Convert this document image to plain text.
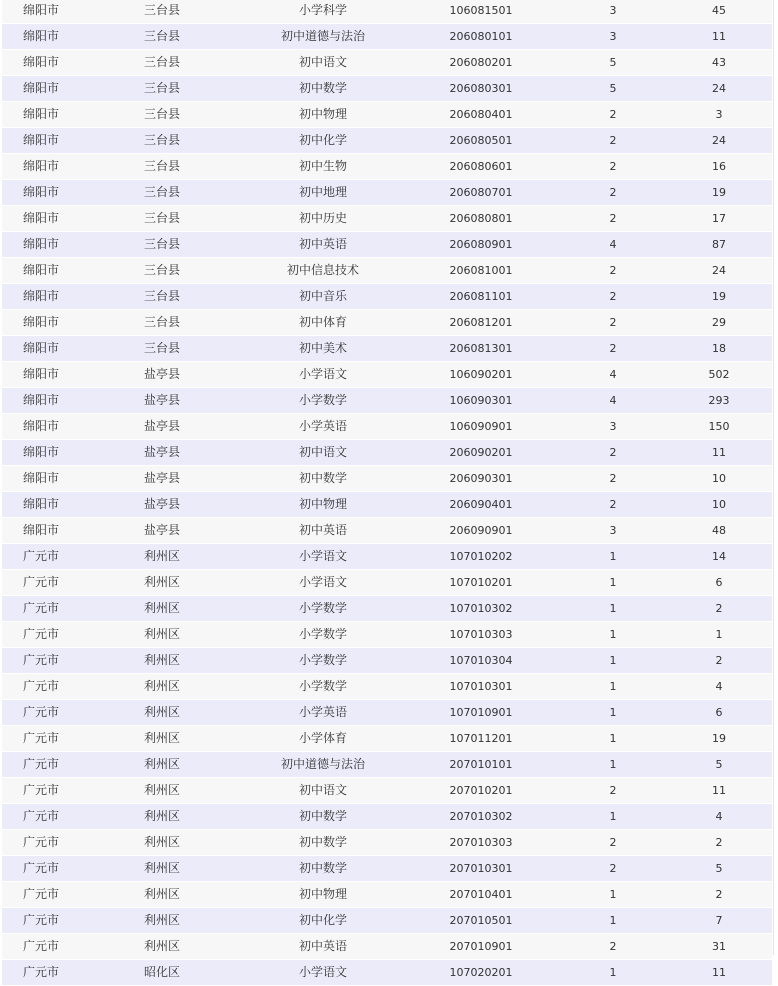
绵阳市	三台县	小学科学	106081501	3	45
绵阳市	三台县	初中道德与法治	206080101	3	11
绵阳市	三台县	初中语文	206080201	5	43
绵阳市	三台县	初中数学	206080301	5	24
绵阳市	三台县	初中物理	206080401	2	3
绵阳市	三台县	初中化学	206080501	2	24
绵阳市	三台县	初中生物	206080601	2	16
绵阳市	三台县	初中地理	206080701	2	19
绵阳市	三台县	初中历史	206080801	2	17
绵阳市	三台县	初中英语	206080901	4	87
绵阳市	三台县	初中信息技术	206081001	2	24
绵阳市	三台县	初中音乐	206081101	2	19
绵阳市	三台县	初中体育	206081201	2	29
绵阳市	三台县	初中美术	206081301	2	18
绵阳市	盐亭县	小学语文	106090201	4	502
绵阳市	盐亭县	小学数学	106090301	4	293
绵阳市	盐亭县	小学英语	106090901	3	150
绵阳市	盐亭县	初中语文	206090201	2	11
绵阳市	盐亭县	初中数学	206090301	2	10
绵阳市	盐亭县	初中物理	206090401	2	10
绵阳市	盐亭县	初中英语	206090901	3	48
广元市	利州区	小学语文	107010202	1	14
广元市	利州区	小学语文	107010201	1	6
广元市	利州区	小学数学	107010302	1	2
广元市	利州区	小学数学	107010303	1	1
广元市	利州区	小学数学	107010304	1	2
广元市	利州区	小学数学	107010301	1	4
广元市	利州区	小学英语	107010901	1	6
广元市	利州区	小学体育	107011201	1	19
广元市	利州区	初中道德与法治	207010101	1	5
广元市	利州区	初中语文	207010201	2	11
广元市	利州区	初中数学	207010302	1	4
广元市	利州区	初中数学	207010303	2	2
广元市	利州区	初中数学	207010301	2	5
广元市	利州区	初中物理	207010401	1	2
广元市	利州区	初中化学	207010501	1	7
广元市	利州区	初中英语	207010901	2	31
广元市	昭化区	小学语文	107020201	1	11
